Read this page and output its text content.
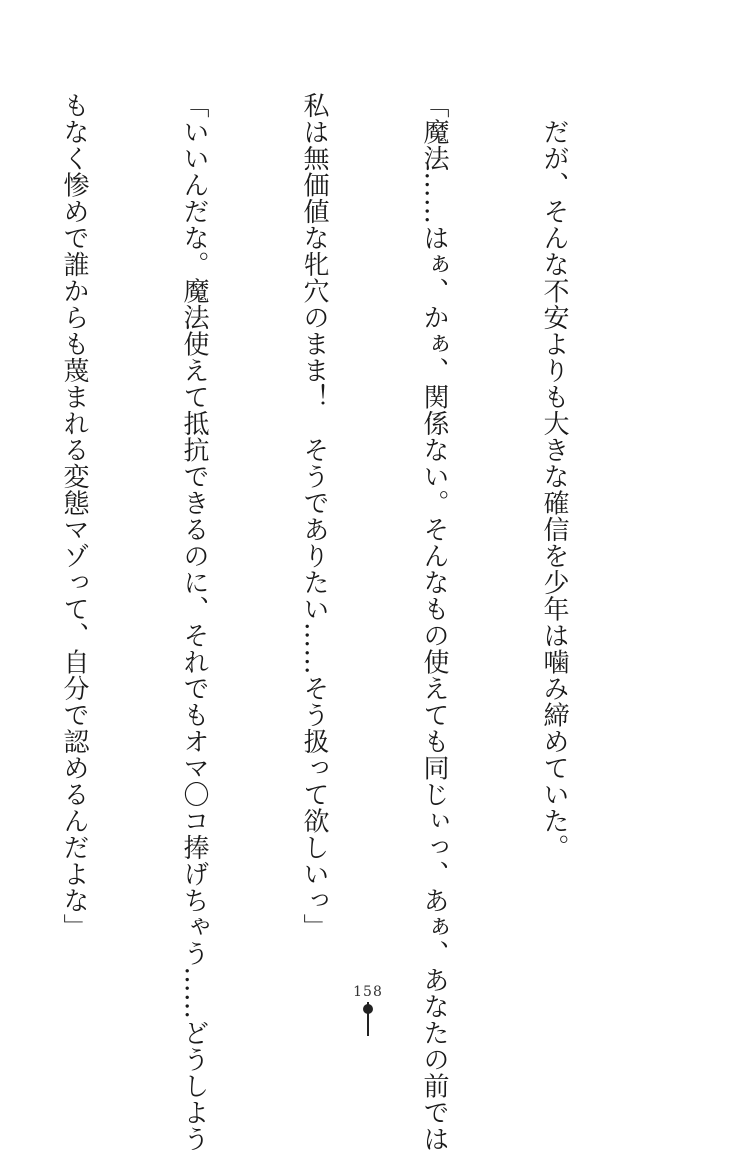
　だが、そんな不安よりも大きな確信を少年は噛み締めていた。

「魔法……はぁ、かぁ、関係ない。そんなもの使えても同じぃっ、あぁ、あなたの前では

私は無価値な牝穴のまま！　そうでありたい……そう扱って欲しいっ」

「いいんだな。魔法使えて抵抗できるのに、それでもオマ〇コ捧げちゃう……どうしよう

もなく惨めで誰からも蔑まれる変態マゾって、自分で認めるんだよな」

158
